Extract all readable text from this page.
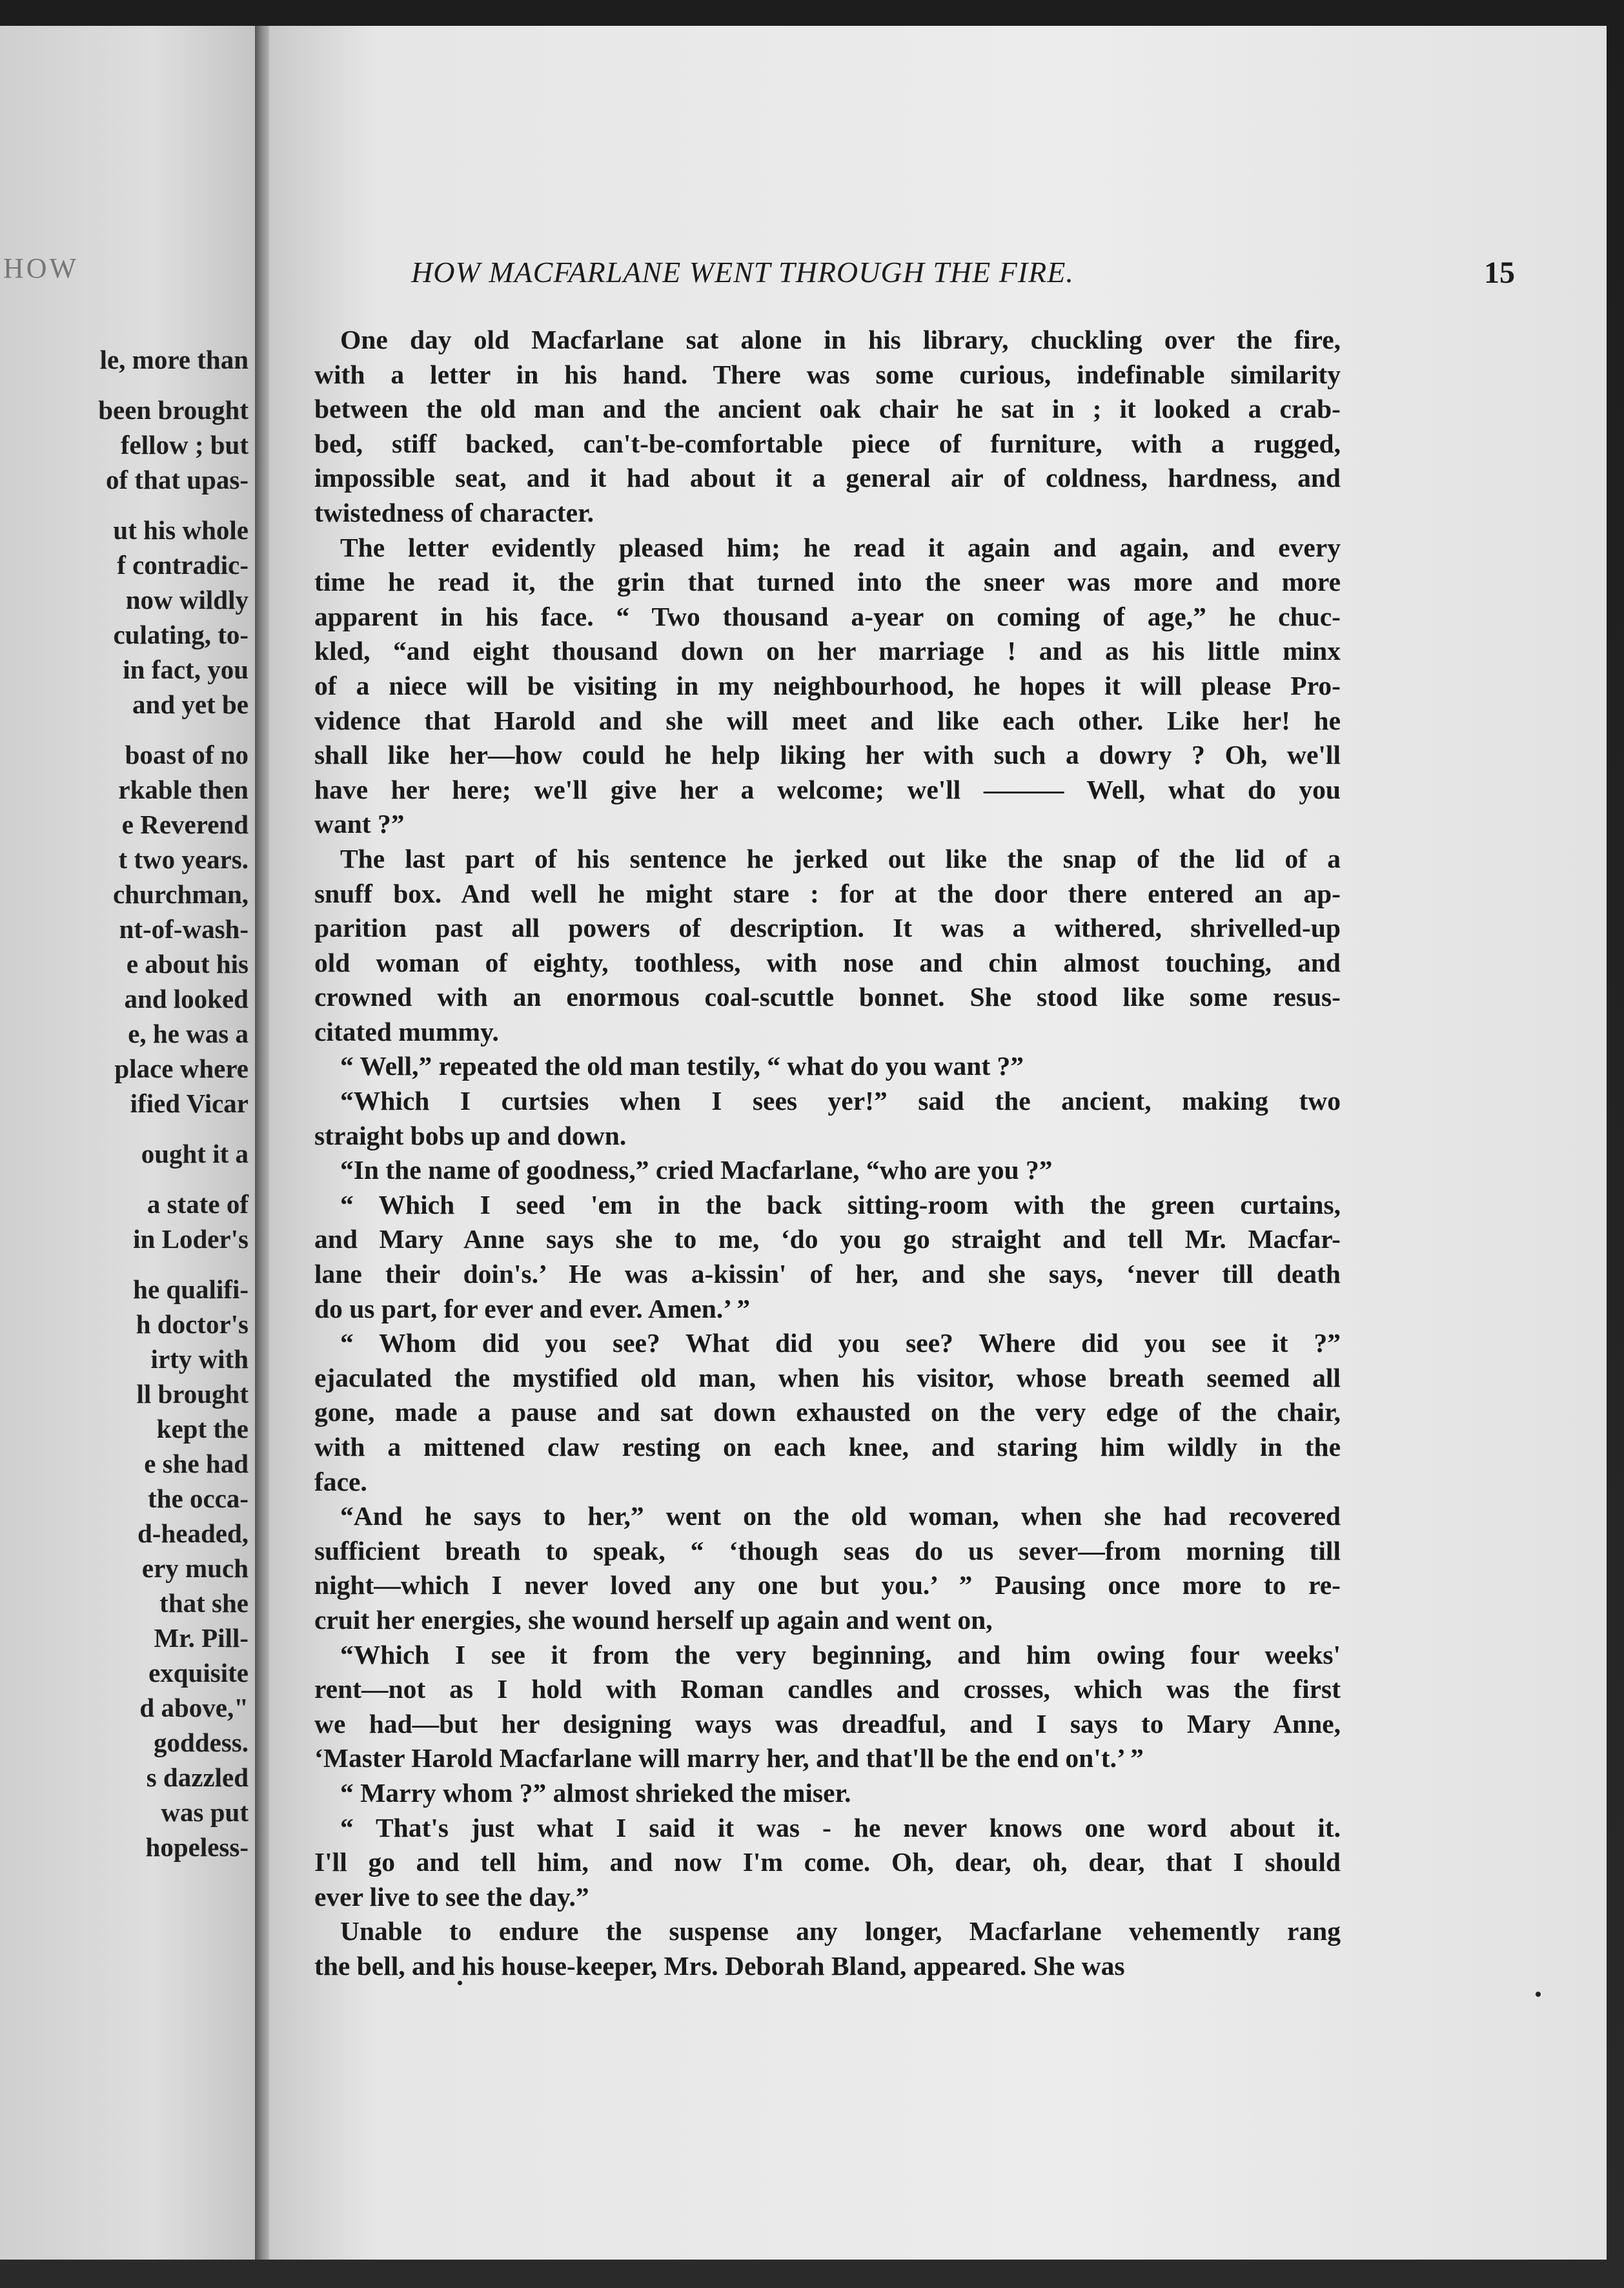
HOW
le, more than
been brought
fellow ; but
of that upas-
ut his whole
f contradic-
now wildly
culating, to-
in fact, you
and yet be
boast of no
rkable then
e Reverend
t two years.
churchman,
nt-of-wash-
e about his
and looked
e, he was a
place where
ified Vicar
ought it a
a state of
in Loder's
he qualifi-
h doctor's
irty with
ll brought
kept the
e she had
the occa-
d-headed,
ery much
that she
Mr. Pill-
exquisite
d above,"
goddess.
s dazzled
was put
hopeless-
HOW MACFARLANE WENT THROUGH THE FIRE.	15

One day old Macfarlane sat alone in his library, chuckling over the fire,
with a letter in his hand. There was some curious, indefinable similarity
between the old man and the ancient oak chair he sat in ; it looked a crab-
bed, stiff backed, can't-be-comfortable piece of furniture, with a rugged,
impossible seat, and it had about it a general air of coldness, hardness, and
twistedness of character.

The letter evidently pleased him; he read it again and again, and every
time he read it, the grin that turned into the sneer was more and more
apparent in his face. “ Two thousand a-year on coming of age,” he chuc-
kled, “and eight thousand down on her marriage ! and as his little minx
of a niece will be visiting in my neighbourhood, he hopes it will please Pro-
vidence that Harold and she will meet and like each other. Like her! he
shall like her—how could he help liking her with such a dowry ? Oh, we'll
have her here; we'll give her a welcome; we'll ——— Well, what do you
want ?”

The last part of his sentence he jerked out like the snap of the lid of a
snuff box. And well he might stare : for at the door there entered an ap-
parition past all powers of description. It was a withered, shrivelled-up
old woman of eighty, toothless, with nose and chin almost touching, and
crowned with an enormous coal-scuttle bonnet. She stood like some resus-
citated mummy.

“ Well,” repeated the old man testily, “ what do you want ?”

“Which I curtsies when I sees yer!” said the ancient, making two
straight bobs up and down.

“In the name of goodness,” cried Macfarlane, “who are you ?”

“ Which I seed 'em in the back sitting-room with the green curtains,
and Mary Anne says she to me, ‘do you go straight and tell Mr. Macfar-
lane their doin's.’ He was a-kissin' of her, and she says, ‘never till death
do us part, for ever and ever. Amen.’ ”

“ Whom did you see? What did you see? Where did you see it ?”
ejaculated the mystified old man, when his visitor, whose breath seemed all
gone, made a pause and sat down exhausted on the very edge of the chair,
with a mittened claw resting on each knee, and staring him wildly in the
face.

“And he says to her,” went on the old woman, when she had recovered
sufficient breath to speak, “ ‘though seas do us sever—from morning till
night—which I never loved any one but you.’ ” Pausing once more to re-
cruit her energies, she wound herself up again and went on,

“Which I see it from the very beginning, and him owing four weeks'
rent—not as I hold with Roman candles and crosses, which was the first
we had—but her designing ways was dreadful, and I says to Mary Anne,
‘Master Harold Macfarlane will marry her, and that'll be the end on't.’ ”

“ Marry whom ?” almost shrieked the miser.

“ That's just what I said it was - he never knows one word about it.
I'll go and tell him, and now I'm come. Oh, dear, oh, dear, that I should
ever live to see the day.”

Unable to endure the suspense any longer, Macfarlane vehemently rang
the bell, and his house-keeper, Mrs. Deborah Bland, appeared. She was
